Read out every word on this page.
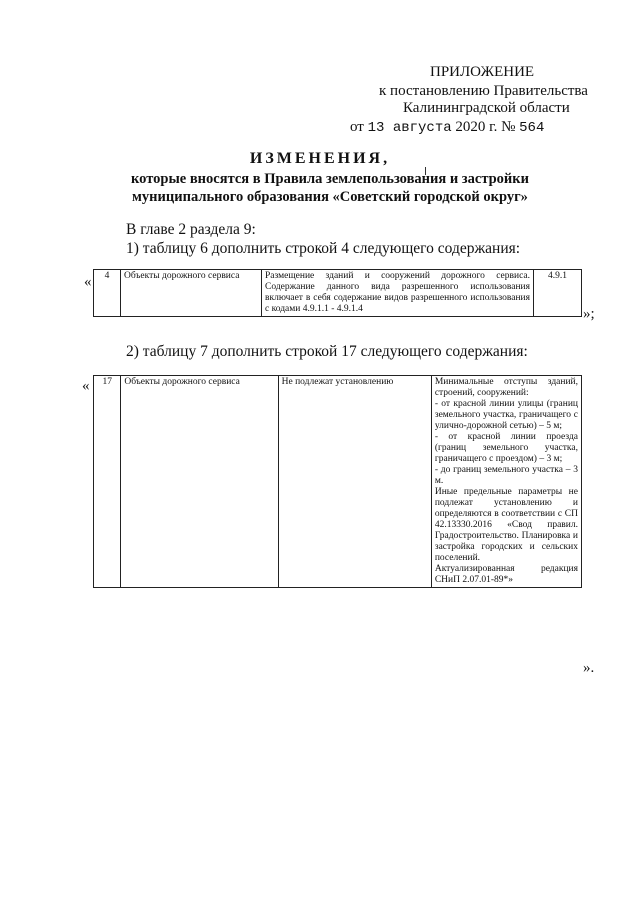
ПРИЛОЖЕНИЕ
к постановлению Правительства
Калининградской области
от 13 августа 2020 г. № 564
ИЗМЕНЕНИЯ,
которые вносятся в Правила землепользования и застройки
муниципального образования «Советский городской округ»
В главе 2 раздела 9:
1) таблицу 6 дополнить строкой 4 следующего содержания:
« 4	Объекты дорожного сервиса	Размещение зданий и сооружений дорожного сервиса. Содержание данного вида разрешенного использования включает в себя содержание видов разрешенного использования с кодами 4.9.1.1 - 4.9.1.4	4.9.1
»;
2) таблицу 7 дополнить строкой 17 следующего содержания:
« 17	Объекты дорожного сервиса	Не подлежат установлению	Минимальные отступы зданий, строений, сооружений:
- от красной линии улицы (границ земельного участка, граничащего с улично-дорожной сетью) – 5 м;
- от красной линии проезда (границ земельного участка, граничащего с проездом) – 3 м;
- до границ земельного участка – 3 м.
Иные предельные параметры не подлежат установлению и определяются в соответствии с СП 42.13330.2016 «Свод правил. Градостроительство. Планировка и застройка городских и сельских поселений.
Актуализированная редакция СНиП 2.07.01-89*»
».
